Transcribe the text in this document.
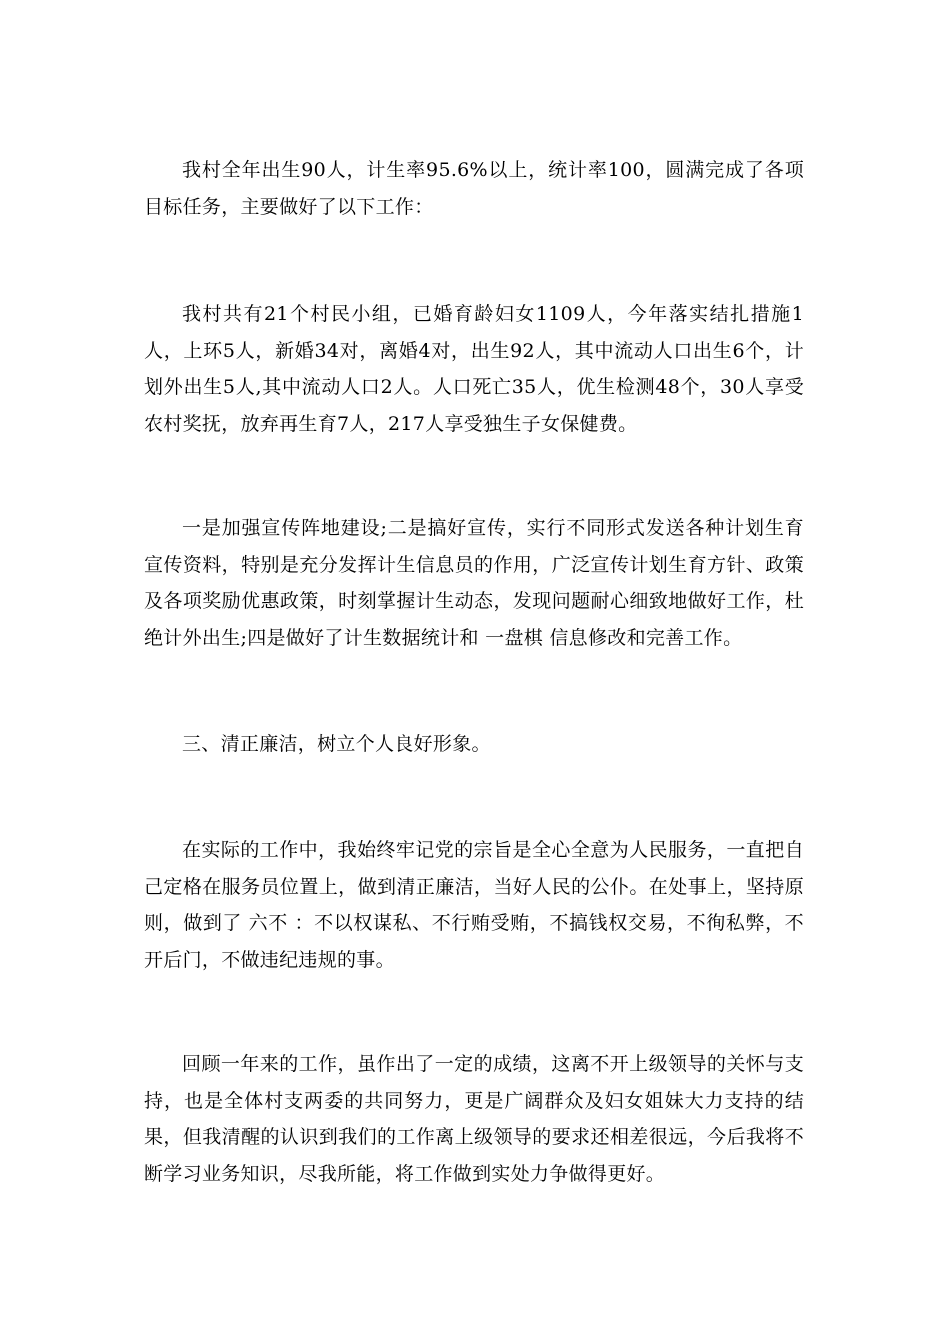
我村全年出生90人，计生率95.6%以上，统计率100，圆满完成了各项目标任务，主要做好了以下工作：

我村共有21个村民小组，已婚育龄妇女1109人，今年落实结扎措施1人，上环5人，新婚34对，离婚4对，出生92人，其中流动人口出生6个，计划外出生5人,其中流动人口2人。人口死亡35人，优生检测48个，30人享受农村奖抚，放弃再生育7人，217人享受独生子女保健费。

一是加强宣传阵地建设;二是搞好宣传，实行不同形式发送各种计划生育宣传资料，特别是充分发挥计生信息员的作用，广泛宣传计划生育方针、政策及各项奖励优惠政策，时刻掌握计生动态，发现问题耐心细致地做好工作，杜绝计外出生;四是做好了计生数据统计和 一盘棋 信息修改和完善工作。

三、清正廉洁，树立个人良好形象。

在实际的工作中，我始终牢记党的宗旨是全心全意为人民服务，一直把自己定格在服务员位置上，做到清正廉洁，当好人民的公仆。在处事上，坚持原则，做到了 六不 ：不以权谋私、不行贿受贿，不搞钱权交易，不徇私弊，不开后门，不做违纪违规的事。

回顾一年来的工作，虽作出了一定的成绩，这离不开上级领导的关怀与支持，也是全体村支两委的共同努力，更是广阔群众及妇女姐妹大力支持的结果，但我清醒的认识到我们的工作离上级领导的要求还相差很远，今后我将不断学习业务知识，尽我所能，将工作做到实处力争做得更好。
